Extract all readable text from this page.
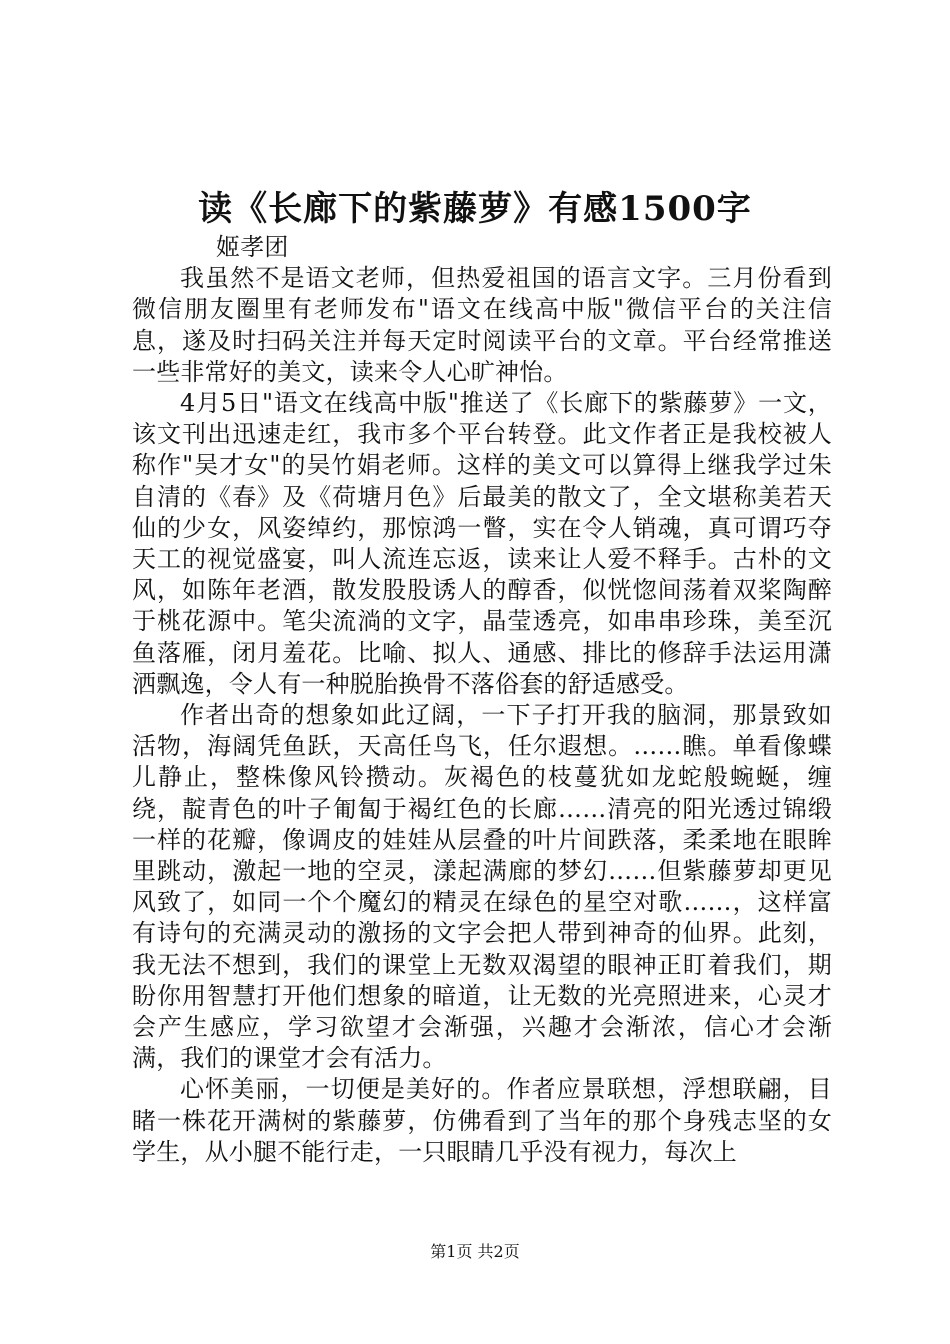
读《长廊下的紫藤萝》有感1500字

姬孝团

我虽然不是语文老师，但热爱祖国的语言文字。三月份看到微信朋友圈里有老师发布"语文在线高中版"微信平台的关注信息，遂及时扫码关注并每天定时阅读平台的文章。平台经常推送一些非常好的美文，读来令人心旷神怡。

4月5日"语文在线高中版"推送了《长廊下的紫藤萝》一文，该文刊出迅速走红，我市多个平台转登。此文作者正是我校被人称作"吴才女"的吴竹娟老师。这样的美文可以算得上继我学过朱自清的《春》及《荷塘月色》后最美的散文了，全文堪称美若天仙的少女，风姿绰约，那惊鸿一瞥，实在令人销魂，真可谓巧夺天工的视觉盛宴，叫人流连忘返，读来让人爱不释手。古朴的文风，如陈年老酒，散发股股诱人的醇香，似恍惚间荡着双桨陶醉于桃花源中。笔尖流淌的文字，晶莹透亮，如串串珍珠，美至沉鱼落雁，闭月羞花。比喻、拟人、通感、排比的修辞手法运用潇洒飘逸，令人有一种脱胎换骨不落俗套的舒适感受。

作者出奇的想象如此辽阔，一下子打开我的脑洞，那景致如活物，海阔凭鱼跃，天高任鸟飞，任尔遐想。……瞧。单看像蝶儿静止，整株像风铃攒动。灰褐色的枝蔓犹如龙蛇般蜿蜒，缠绕，靛青色的叶子匍匐于褐红色的长廊……清亮的阳光透过锦缎一样的花瓣，像调皮的娃娃从层叠的叶片间跌落，柔柔地在眼眸里跳动，激起一地的空灵，漾起满廊的梦幻……但紫藤萝却更见风致了，如同一个个魔幻的精灵在绿色的星空对歌……，这样富有诗句的充满灵动的激扬的文字会把人带到神奇的仙界。此刻，我无法不想到，我们的课堂上无数双渴望的眼神正盯着我们，期盼你用智慧打开他们想象的暗道，让无数的光亮照进来，心灵才会产生感应，学习欲望才会渐强，兴趣才会渐浓，信心才会渐满，我们的课堂才会有活力。

心怀美丽，一切便是美好的。作者应景联想，浮想联翩，目睹一株花开满树的紫藤萝，仿佛看到了当年的那个身残志坚的女学生，从小腿不能行走，一只眼睛几乎没有视力，每次上

第1页 共2页
